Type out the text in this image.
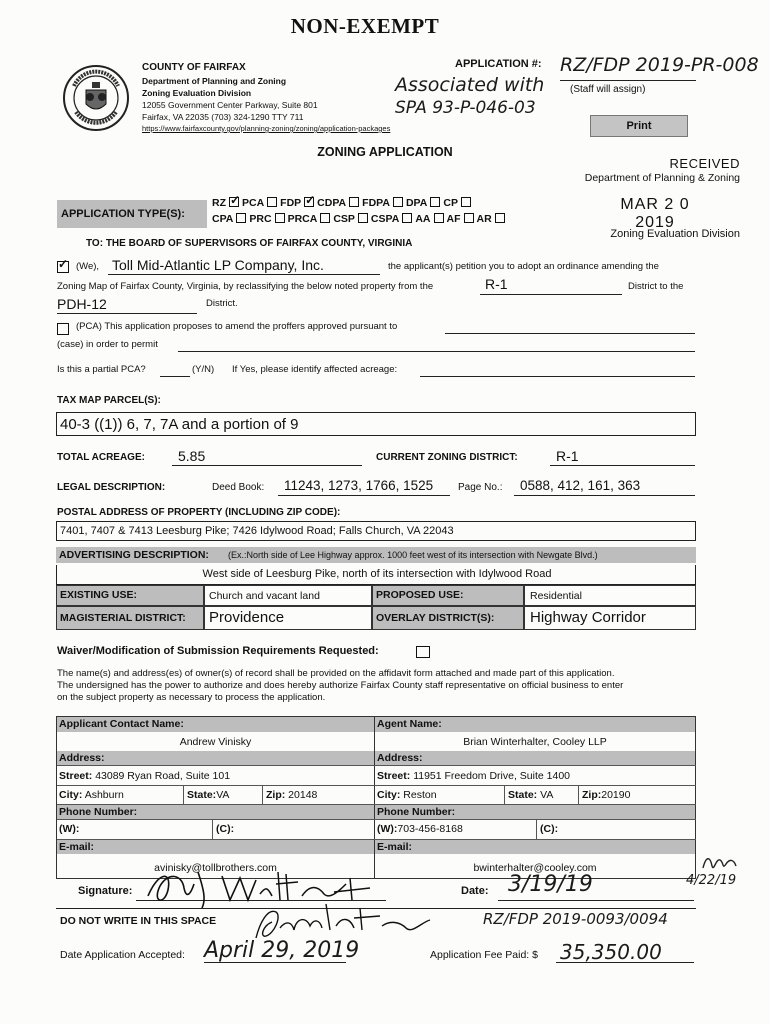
NON-EXEMPT
COUNTY OF FAIRFAX
Department of Planning and Zoning
Zoning Evaluation Division
12055 Government Center Parkway, Suite 801
Fairfax, VA 22035 (703) 324-1290 TTY 711
https://www.fairfaxcounty.gov/planning-zoning/zoning/application-packages
APPLICATION #: RZ/FDP 2019-PR-008
(Staff will assign)
Associated with
SPA 93-P-046-03
Print
ZONING APPLICATION
RECEIVED
Department of Planning & Zoning
MAR 2 0 2019
Zoning Evaluation Division
APPLICATION TYPE(S):
RZ ✓ PCA FDP ✓ CDPA FDPA DPA CP
CPA PRC PRCA CSP CSPA AA AF AR
TO: THE BOARD OF SUPERVISORS OF FAIRFAX COUNTY, VIRGINIA
✓
(We), Toll Mid-Atlantic LP Company, Inc.	the applicant(s) petition you to adopt an ordinance amending the
Zoning Map of Fairfax County, Virginia, by reclassifying the below noted property from the	R-1	District to the
PDH-12	District.
(PCA) This application proposes to amend the proffers approved pursuant to
(case) in order to permit
Is this a partial PCA?	(Y/N) If Yes, please identify affected acreage:
TAX MAP PARCEL(S):
40-3 ((1)) 6, 7, 7A and a portion of 9
TOTAL ACREAGE: 5.85	CURRENT ZONING DISTRICT:	R-1
LEGAL DESCRIPTION:	Deed Book: 11243, 1273, 1766, 1525 Page No.: 0588, 412, 161, 363
POSTAL ADDRESS OF PROPERTY (INCLUDING ZIP CODE):
7401, 7407 & 7413 Leesburg Pike; 7426 Idylwood Road; Falls Church, VA 22043
ADVERTISING DESCRIPTION: (Ex.:North side of Lee Highway approx. 1000 feet west of its intersection with Newgate Blvd.)
West side of Leesburg Pike, north of its intersection with Idylwood Road
EXISTING USE:	Church and vacant land	PROPOSED USE:	Residential
MAGISTERIAL DISTRICT: Providence	OVERLAY DISTRICT(S): Highway Corridor
Waiver/Modification of Submission Requirements Requested:
The name(s) and address(es) of owner(s) of record shall be provided on the affidavit form attached and made part of this application.
The undersigned has the power to authorize and does hereby authorize Fairfax County staff representative on official business to enter
on the subject property as necessary to process the application.
Applicant Contact Name:	Agent Name:
Andrew Vinisky	Brian Winterhalter, Cooley LLP
Address:	Address:
Street: 43089 Ryan Road, Suite 101	Street: 11951 Freedom Drive, Suite 1400
City: Ashburn	State:VA	Zip: 20148	City: Reston	State: VA	Zip:20190
Phone Number:	Phone Number:
(W):	(C):	(W):703-456-8168	(C):
E-mail:	E-mail:
avinisky@tollbrothers.com	bwinterhalter@cooley.com
4/22/19
Signature:	Date: 3/19/19
DO NOT WRITE IN THIS SPACE	RZ/FDP 2019-0093/0094
Date Application Accepted: April 29, 2019	Application Fee Paid: $ 35,350.00
